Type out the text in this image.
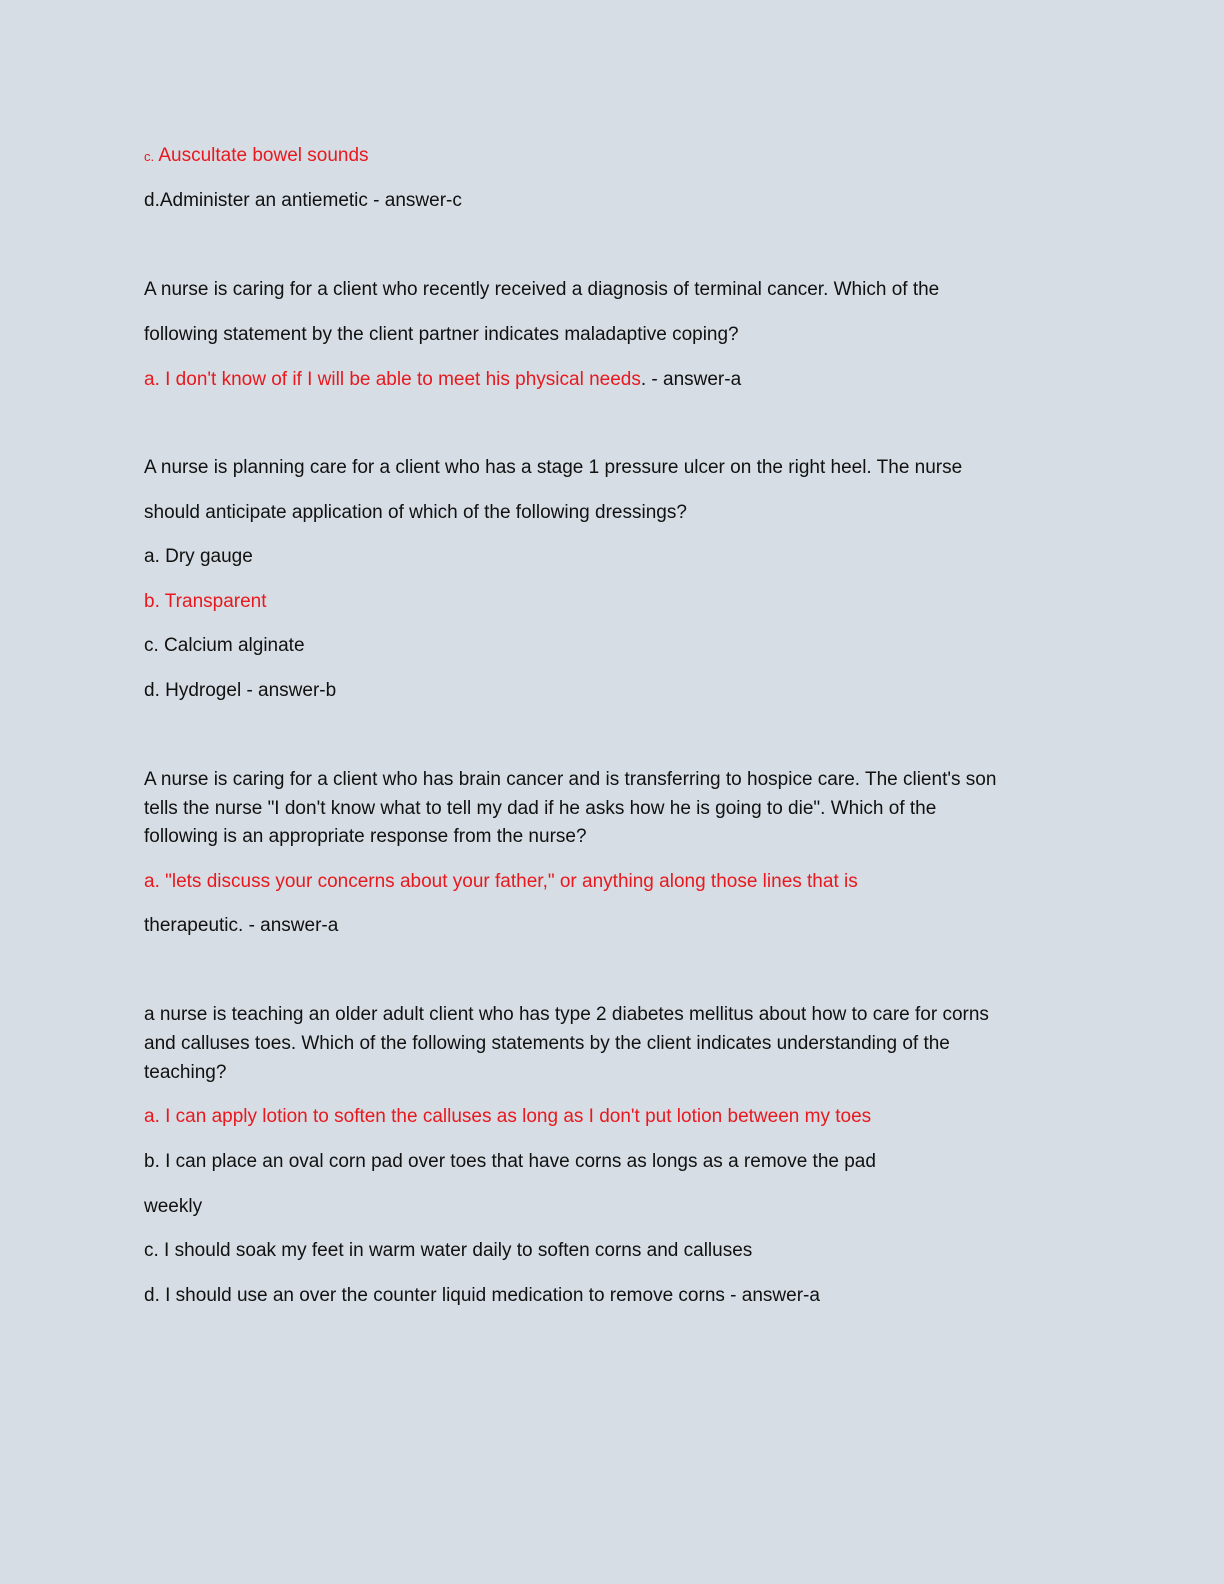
c. Auscultate bowel sounds
d.Administer an antiemetic - answer-c
A nurse is caring for a client who recently received a diagnosis of terminal cancer. Which of the
following statement by the client partner indicates maladaptive coping?
a. I don't know of if I will be able to meet his physical needs. - answer-a
A nurse is planning care for a client who has a stage 1 pressure ulcer on the right heel. The nurse
should anticipate application of which of the following dressings?
a. Dry gauge
b. Transparent
c. Calcium alginate
d. Hydrogel - answer-b
A nurse is caring for a client who has brain cancer and is transferring to hospice care. The client's son
tells the nurse "I don't know what to tell my dad if he asks how he is going to die". Which of the
following is an appropriate response from the nurse?
a. "lets discuss your concerns about your father," or anything along those lines that is
therapeutic. - answer-a
a nurse is teaching an older adult client who has type 2 diabetes mellitus about how to care for corns
and calluses toes. Which of the following statements by the client indicates understanding of the
teaching?
a. I can apply lotion to soften the calluses as long as I don't put lotion between my toes
b. I can place an oval corn pad over toes that have corns as longs as a remove the pad
weekly
c. I should soak my feet in warm water daily to soften corns and calluses
d. I should use an over the counter liquid medication to remove corns - answer-a
